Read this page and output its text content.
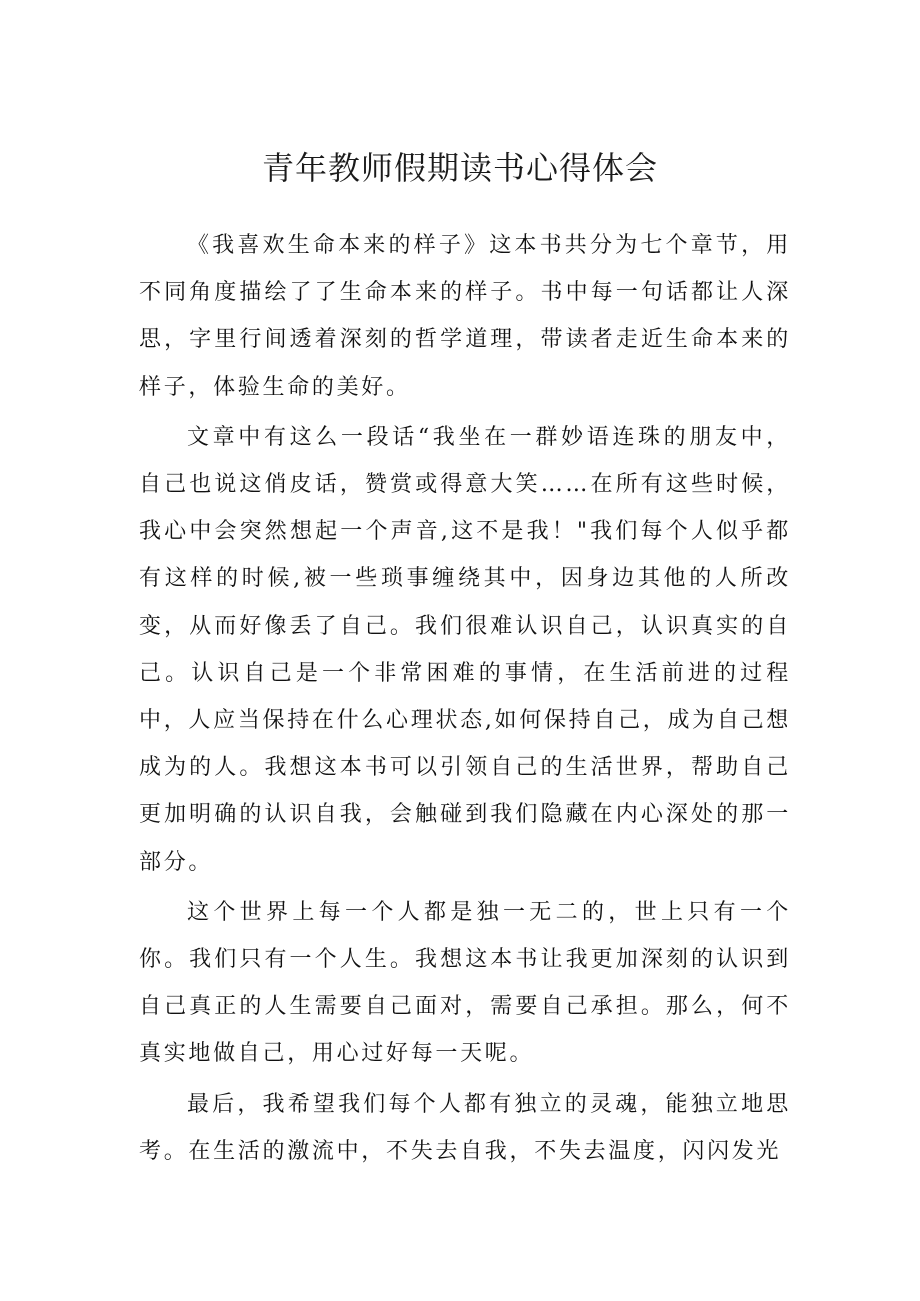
青年教师假期读书心得体会

《我喜欢生命本来的样子》这本书共分为七个章节，用不同角度描绘了了生命本来的样子。书中每一句话都让人深思，字里行间透着深刻的哲学道理，带读者走近生命本来的样子，体验生命的美好。

文章中有这么一段话“我坐在一群妙语连珠的朋友中，自己也说这俏皮话，赞赏或得意大笑……在所有这些时候，我心中会突然想起一个声音,这不是我！"我们每个人似乎都有这样的时候,被一些琐事缠绕其中，因身边其他的人所改变，从而好像丢了自己。我们很难认识自己，认识真实的自己。认识自己是一个非常困难的事情，在生活前进的过程中，人应当保持在什么心理状态,如何保持自己，成为自己想成为的人。我想这本书可以引领自己的生活世界，帮助自己更加明确的认识自我，会触碰到我们隐藏在内心深处的那一部分。

这个世界上每一个人都是独一无二的，世上只有一个你。我们只有一个人生。我想这本书让我更加深刻的认识到自己真正的人生需要自己面对，需要自己承担。那么，何不真实地做自己，用心过好每一天呢。

最后，我希望我们每个人都有独立的灵魂，能独立地思考。在生活的激流中，不失去自我，不失去温度，闪闪发光
